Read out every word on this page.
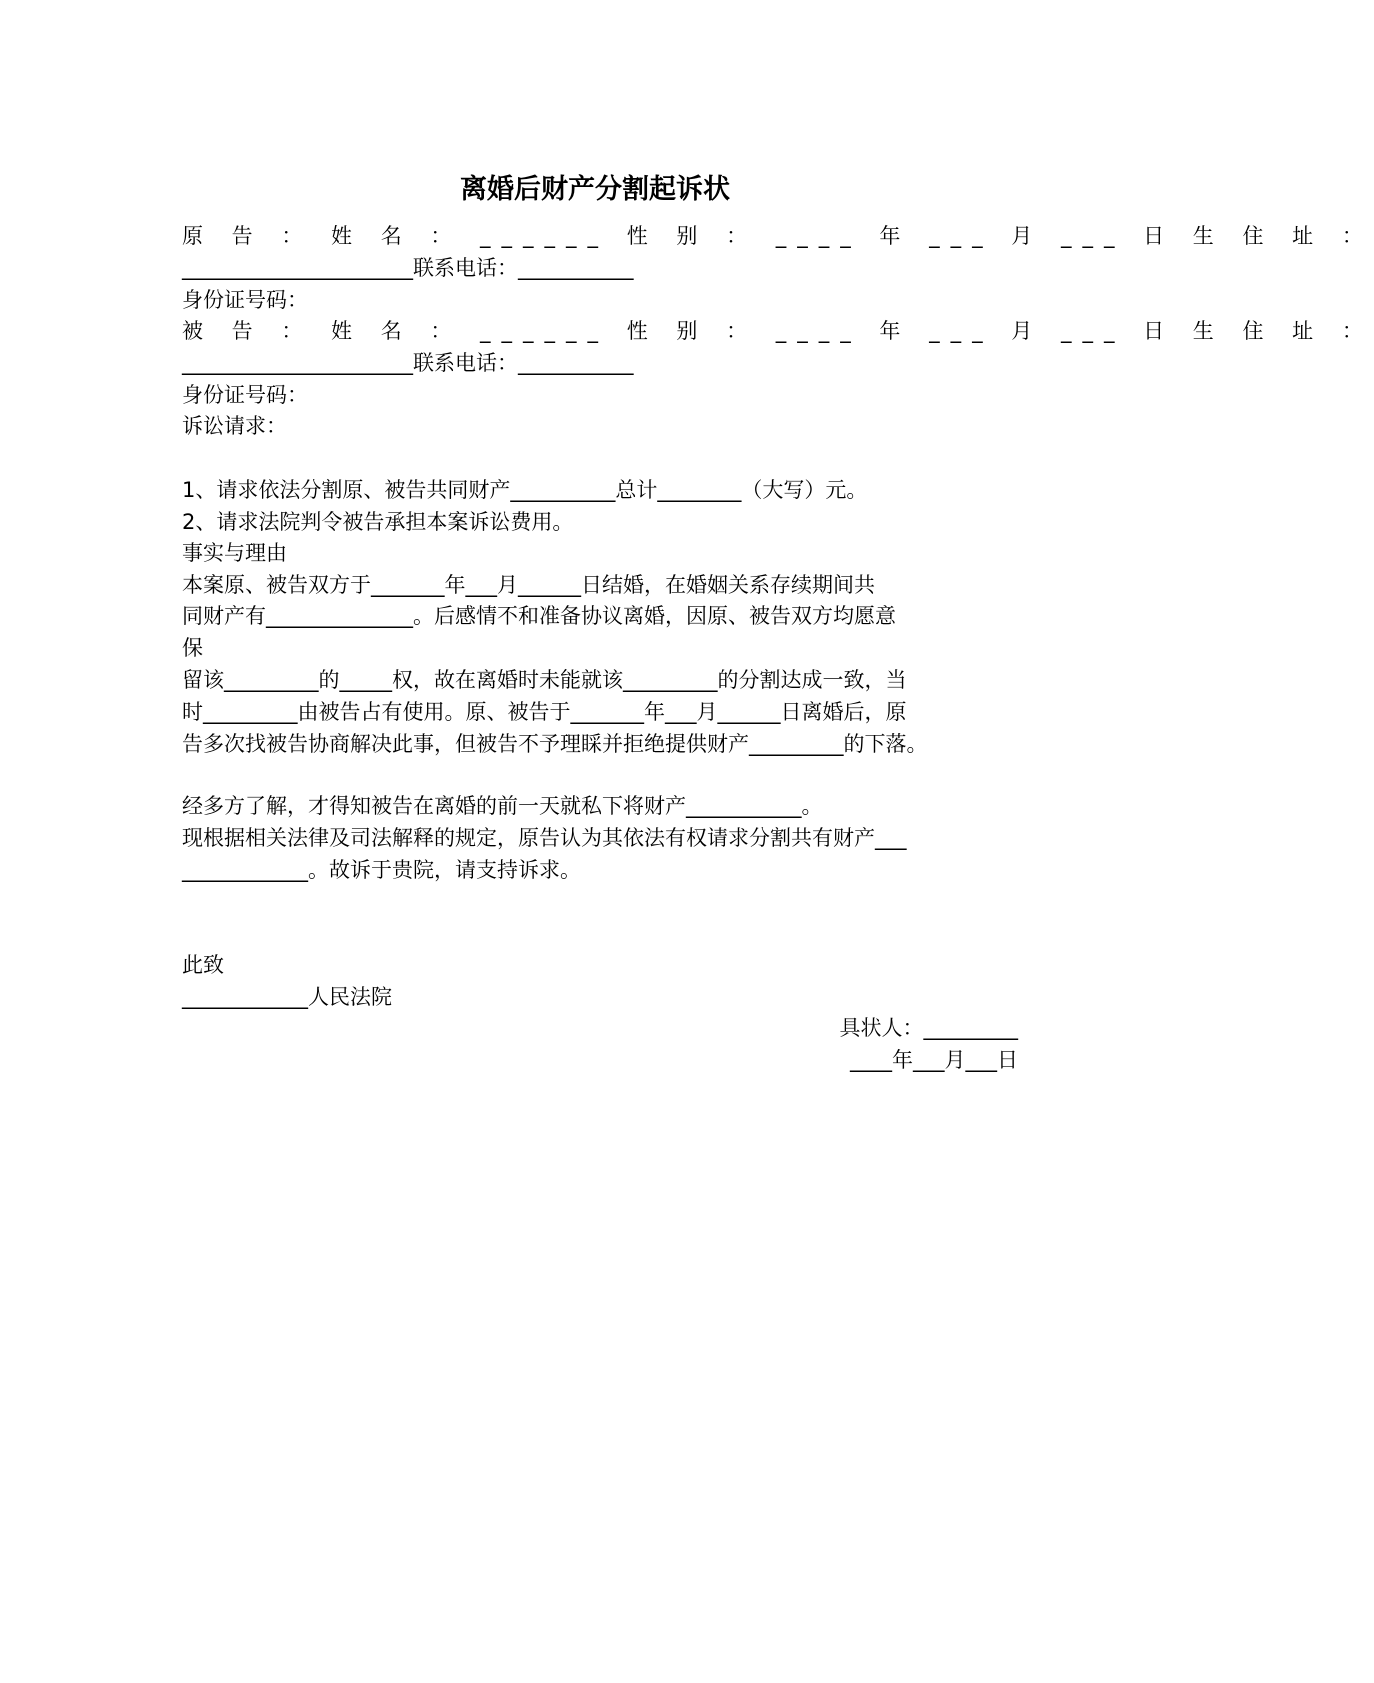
离婚后财产分割起诉状
原 告 ： 姓 名 ： ______ 性 别 ： ____ 年 ___ 月 ___ 日 生 住 址 ：
______________________联系电话：___________
身份证号码：
被 告 ： 姓 名 ： ______ 性 别 ： ____ 年 ___ 月 ___ 日 生 住 址 ：
______________________联系电话：___________
身份证号码：
诉讼请求：
1、请求依法分割原、被告共同财产__________总计________（大写）元。
2、请求法院判令被告承担本案诉讼费用。
事实与理由
本案原、被告双方于_______年___月______日结婚，在婚姻关系存续期间共
同财产有______________。后感情不和准备协议离婚，因原、被告双方均愿意
保
留该_________的_____权，故在离婚时未能就该_________的分割达成一致，当
时_________由被告占有使用。原、被告于_______年___月______日离婚后，原
告多次找被告协商解决此事，但被告不予理睬并拒绝提供财产_________的下落。
经多方了解，才得知被告在离婚的前一天就私下将财产___________。
现根据相关法律及司法解释的规定，原告认为其依法有权请求分割共有财产___
____________。故诉于贵院，请支持诉求。
此致
____________人民法院
具状人：_________
____年___月___日
